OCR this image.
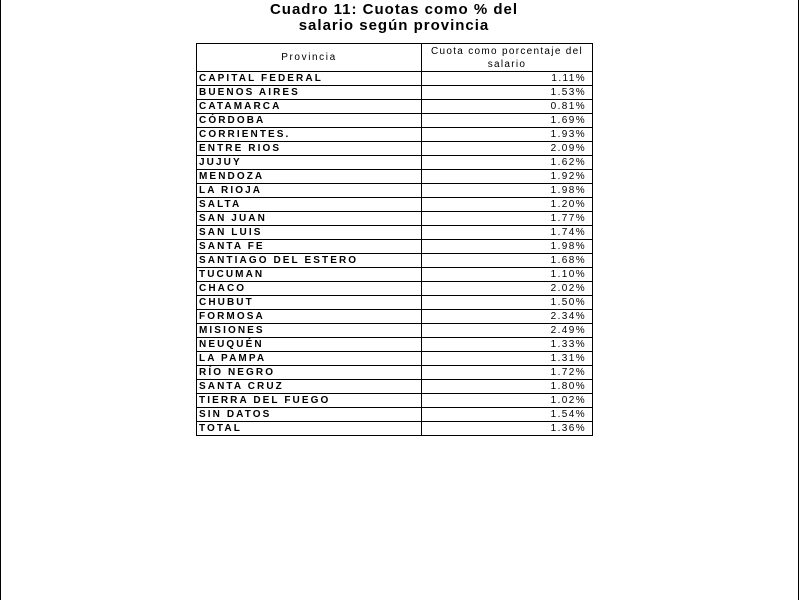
Cuadro 11: Cuotas como % del
salario según provincia
Provincia	Cuota como porcentaje del salario
CAPITAL FEDERAL	1.11%
BUENOS AIRES	1.53%
CATAMARCA	0.81%
CÓRDOBA	1.69%
CORRIENTES.	1.93%
ENTRE RIOS	2.09%
JUJUY	1.62%
MENDOZA	1.92%
LA RIOJA	1.98%
SALTA	1.20%
SAN JUAN	1.77%
SAN LUIS	1.74%
SANTA FE	1.98%
SANTIAGO DEL ESTERO	1.68%
TUCUMAN	1.10%
CHACO	2.02%
CHUBUT	1.50%
FORMOSA	2.34%
MISIONES	2.49%
NEUQUÉN	1.33%
LA PAMPA	1.31%
RÍO NEGRO	1.72%
SANTA CRUZ	1.80%
TIERRA DEL FUEGO	1.02%
SIN DATOS	1.54%
TOTAL	1.36%
